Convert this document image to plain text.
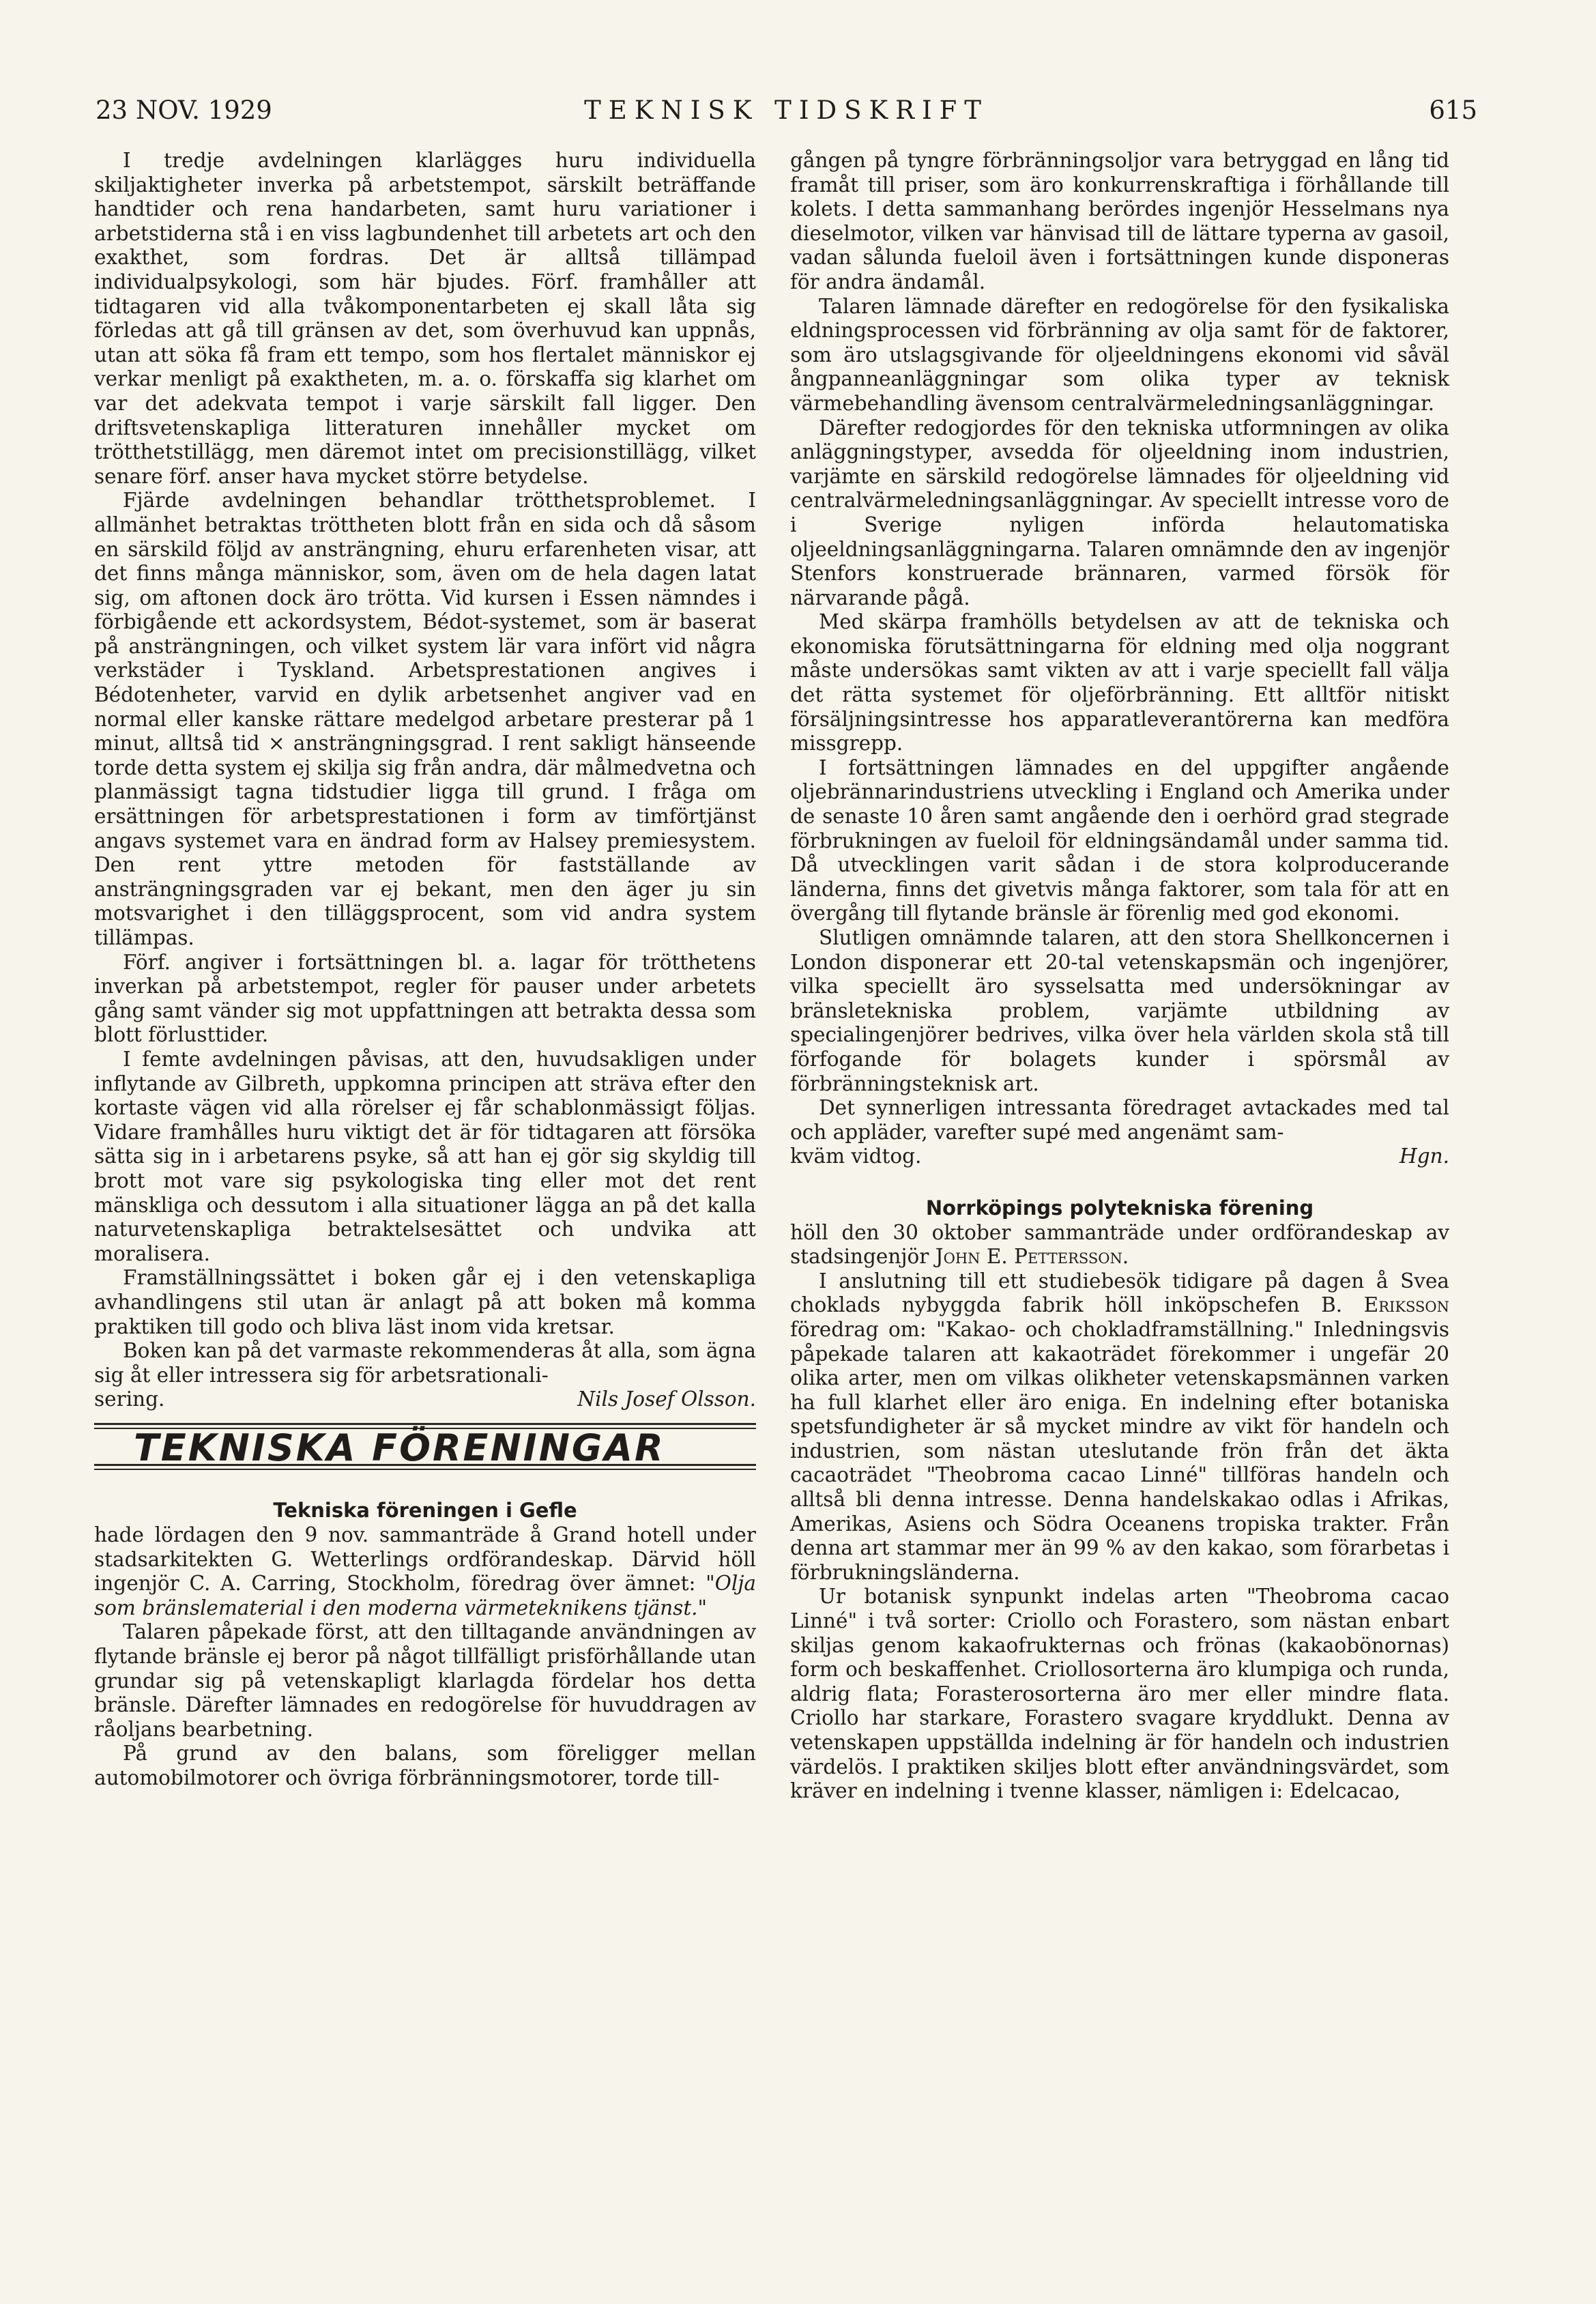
23 NOV. 1929	TEKNISK TIDSKRIFT	615

I tredje avdelningen klarlägges huru individuella skiljaktigheter inverka på arbetstempot, särskilt beträffande handtider och rena handarbeten, samt huru variationer i arbetstiderna stå i en viss lagbundenhet till arbetets art och den exakthet, som fordras. Det är alltså tillämpad individualpsykologi, som här bjudes. Förf. framhåller att tidtagaren vid alla tvåkomponentarbeten ej skall låta sig förledas att gå till gränsen av det, som överhuvud kan uppnås, utan att söka få fram ett tempo, som hos flertalet människor ej verkar menligt på exaktheten, m. a. o. förskaffa sig klarhet om var det adekvata tempot i varje särskilt fall ligger. Den driftsvetenskapliga litteraturen innehåller mycket om trötthetstillägg, men däremot intet om precisionstillägg, vilket senare förf. anser hava mycket större betydelse.

Fjärde avdelningen behandlar trötthetsproblemet. I allmänhet betraktas tröttheten blott från en sida och då såsom en särskild följd av ansträngning, ehuru erfarenheten visar, att det finns många människor, som, även om de hela dagen latat sig, om aftonen dock äro trötta. Vid kursen i Essen nämndes i förbigående ett ackordsystem, Bédot-systemet, som är baserat på ansträngningen, och vilket system lär vara infört vid några verkstäder i Tyskland. Arbetsprestationen angives i Bédotenheter, varvid en dylik arbetsenhet angiver vad en normal eller kanske rättare medelgod arbetare presterar på 1 minut, alltså tid × ansträngningsgrad. I rent sakligt hänseende torde detta system ej skilja sig från andra, där målmedvetna och planmässigt tagna tidstudier ligga till grund. I fråga om ersättningen för arbetsprestationen i form av timförtjänst angavs systemet vara en ändrad form av Halsey premiesystem. Den rent yttre metoden för fastställande av ansträngningsgraden var ej bekant, men den äger ju sin motsvarighet i den tilläggsprocent, som vid andra system tillämpas.

Förf. angiver i fortsättningen bl. a. lagar för trötthetens inverkan på arbetstempot, regler för pauser under arbetets gång samt vänder sig mot uppfattningen att betrakta dessa som blott förlusttider.

I femte avdelningen påvisas, att den, huvudsakligen under inflytande av Gilbreth, uppkomna principen att sträva efter den kortaste vägen vid alla rörelser ej får schablonmässigt följas. Vidare framhålles huru viktigt det är för tidtagaren att försöka sätta sig in i arbetarens psyke, så att han ej gör sig skyldig till brott mot vare sig psykologiska ting eller mot det rent mänskliga och dessutom i alla situationer lägga an på det kalla naturvetenskapliga betraktelsesättet och undvika att moralisera.

Framställningssättet i boken går ej i den vetenskapliga avhandlingens stil utan är anlagt på att boken må komma praktiken till godo och bliva läst inom vida kretsar.

Boken kan på det varmaste rekommenderas åt alla, som ägna sig åt eller intressera sig för arbetsrationali-

sering.	Nils Josef Olsson.
TEKNISKA FÖRENINGAR

Tekniska föreningen i Gefle

hade lördagen den 9 nov. sammanträde å Grand hotell under stadsarkitekten G. Wetterlings ordförandeskap. Därvid höll ingenjör C. A. Carring, Stockholm, föredrag över ämnet: "Olja som bränslematerial i den moderna värmeteknikens tjänst."

Talaren påpekade först, att den tilltagande användningen av flytande bränsle ej beror på något tillfälligt prisförhållande utan grundar sig på vetenskapligt klarlagda fördelar hos detta bränsle. Därefter lämnades en redogörelse för huvuddragen av råoljans bearbetning.

På grund av den balans, som föreligger mellan automobilmotorer och övriga förbränningsmotorer, torde till-

gången på tyngre förbränningsoljor vara betryggad en lång tid framåt till priser, som äro konkurrenskraftiga i förhållande till kolets. I detta sammanhang berördes ingenjör Hesselmans nya dieselmotor, vilken var hänvisad till de lättare typerna av gasoil, vadan sålunda fueloil även i fortsättningen kunde disponeras för andra ändamål.

Talaren lämnade därefter en redogörelse för den fysikaliska eldningsprocessen vid förbränning av olja samt för de faktorer, som äro utslagsgivande för oljeeldningens ekonomi vid såväl ångpanneanläggningar som olika typer av teknisk värmebehandling ävensom centralvärmeledningsanläggningar.

Därefter redogjordes för den tekniska utformningen av olika anläggningstyper, avsedda för oljeeldning inom industrien, varjämte en särskild redogörelse lämnades för oljeeldning vid centralvärmeledningsanläggningar. Av speciellt intresse voro de i Sverige nyligen införda helautomatiska oljeeldningsanläggningarna. Talaren omnämnde den av ingenjör Stenfors konstruerade brännaren, varmed försök för närvarande pågå.

Med skärpa framhölls betydelsen av att de tekniska och ekonomiska förutsättningarna för eldning med olja noggrant måste undersökas samt vikten av att i varje speciellt fall välja det rätta systemet för oljeförbränning. Ett alltför nitiskt försäljningsintresse hos apparatleverantörerna kan medföra missgrepp.

I fortsättningen lämnades en del uppgifter angående oljebrännarindustriens utveckling i England och Amerika under de senaste 10 åren samt angående den i oerhörd grad stegrade förbrukningen av fueloil för eldningsändamål under samma tid. Då utvecklingen varit sådan i de stora kolproducerande länderna, finns det givetvis många faktorer, som tala för att en övergång till flytande bränsle är förenlig med god ekonomi.

Slutligen omnämnde talaren, att den stora Shellkoncernen i London disponerar ett 20-tal vetenskapsmän och ingenjörer, vilka speciellt äro sysselsatta med undersökningar av bränsletekniska problem, varjämte utbildning av specialingenjörer bedrives, vilka över hela världen skola stå till förfogande för bolagets kunder i spörsmål av förbränningsteknisk art.

Det synnerligen intressanta föredraget avtackades med tal och appläder, varefter supé med angenämt sam-

kväm vidtog.	Hgn.

Norrköpings polytekniska förening

höll den 30 oktober sammanträde under ordförandeskap av stadsingenjör John E. Pettersson.

I anslutning till ett studiebesök tidigare på dagen å Svea choklads nybyggda fabrik höll inköpschefen B. Eriksson föredrag om: "Kakao- och chokladframställning." Inledningsvis påpekade talaren att kakaoträdet förekommer i ungefär 20 olika arter, men om vilkas olikheter vetenskapsmännen varken ha full klarhet eller äro eniga. En indelning efter botaniska spetsfundigheter är så mycket mindre av vikt för handeln och industrien, som nästan uteslutande frön från det äkta cacaoträdet "Theobroma cacao Linné" tillföras handeln och alltså bli denna intresse. Denna handelskakao odlas i Afrikas, Amerikas, Asiens och Södra Oceanens tropiska trakter. Från denna art stammar mer än 99 % av den kakao, som förarbetas i förbrukningsländerna.

Ur botanisk synpunkt indelas arten "Theobroma cacao Linné" i två sorter: Criollo och Forastero, som nästan enbart skiljas genom kakaofrukternas och frönas (kakaobönornas) form och beskaffenhet. Criollosorterna äro klumpiga och runda, aldrig flata; Forasterosorterna äro mer eller mindre flata. Criollo har starkare, Forastero svagare kryddlukt. Denna av vetenskapen uppställda indelning är för handeln och industrien värdelös. I praktiken skiljes blott efter användningsvärdet, som kräver en indelning i tvenne klasser, nämligen i: Edelcacao,
